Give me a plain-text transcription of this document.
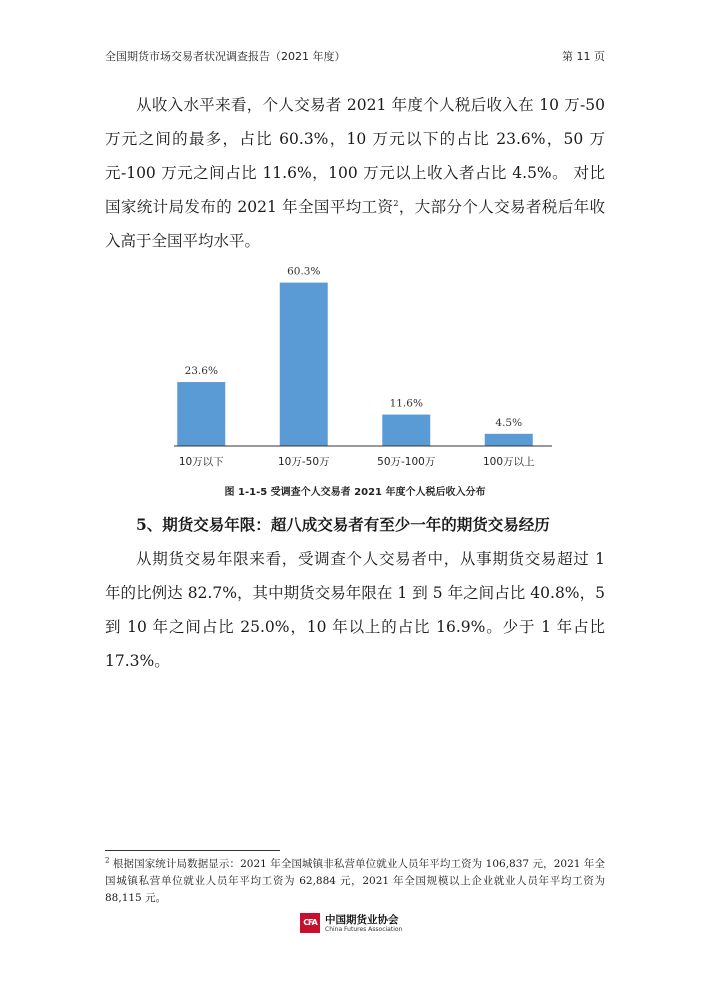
全国期货市场交易者状况调查报告（2021 年度）	第 11 页

从收入水平来看，个人交易者 2021 年度个人税后收入在 10 万-50 万元之间的最多，占比 60.3%，10 万元以下的占比 23.6%，50 万元-100 万元之间占比 11.6%，100 万元以上收入者占比 4.5%。 对比国家统计局发布的 2021 年全国平均工资$^2$，大部分个人交易者税后年收入高于全国平均水平。

23.6%
10万以下
60.3%
10万-50万
11.6%
50万-100万
4.5%
100万以上
图 1-1-5 受调查个人交易者 2021 年度个人税后收入分布

5、期货交易年限：超八成交易者有至少一年的期货交易经历

从期货交易年限来看，受调查个人交易者中，从事期货交易超过 1 年的比例达 82.7%，其中期货交易年限在 1 到 5 年之间占比 40.8%，5 到 10 年之间占比 25.0%，10 年以上的占比 16.9%。少于 1 年占比 17.3%。

$^2$ 根据国家统计局数据显示：2021 年全国城镇非私营单位就业人员年平均工资为 106,837 元，2021 年全国城镇私营单位就业人员年平均工资为 62,884 元，2021 年全国规模以上企业就业人员年平均工资为 88,115 元。

CFA 中国期货业协会
China Futures Association
